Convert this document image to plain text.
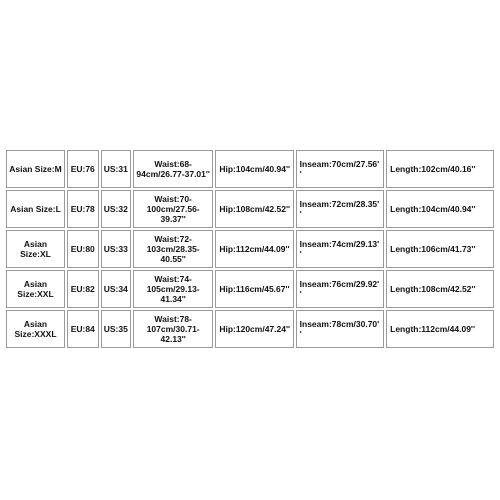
Asian Size:M	EU:76	US:31	Waist:68-94cm/26.77-37.01''	Hip:104cm/40.94''	Inseam:70cm/27.56''	Length:102cm/40.16''
Asian Size:L	EU:78	US:32	Waist:70-100cm/27.56-39.37''	Hip:108cm/42.52''	Inseam:72cm/28.35''	Length:104cm/40.94''
Asian Size:XL	EU:80	US:33	Waist:72-103cm/28.35-40.55''	Hip:112cm/44.09''	Inseam:74cm/29.13''	Length:106cm/41.73''
Asian Size:XXL	EU:82	US:34	Waist:74-105cm/29.13-41.34''	Hip:116cm/45.67''	Inseam:76cm/29.92''	Length:108cm/42.52''
Asian Size:XXXL	EU:84	US:35	Waist:78-107cm/30.71-42.13''	Hip:120cm/47.24''	Inseam:78cm/30.70''	Length:112cm/44.09''
